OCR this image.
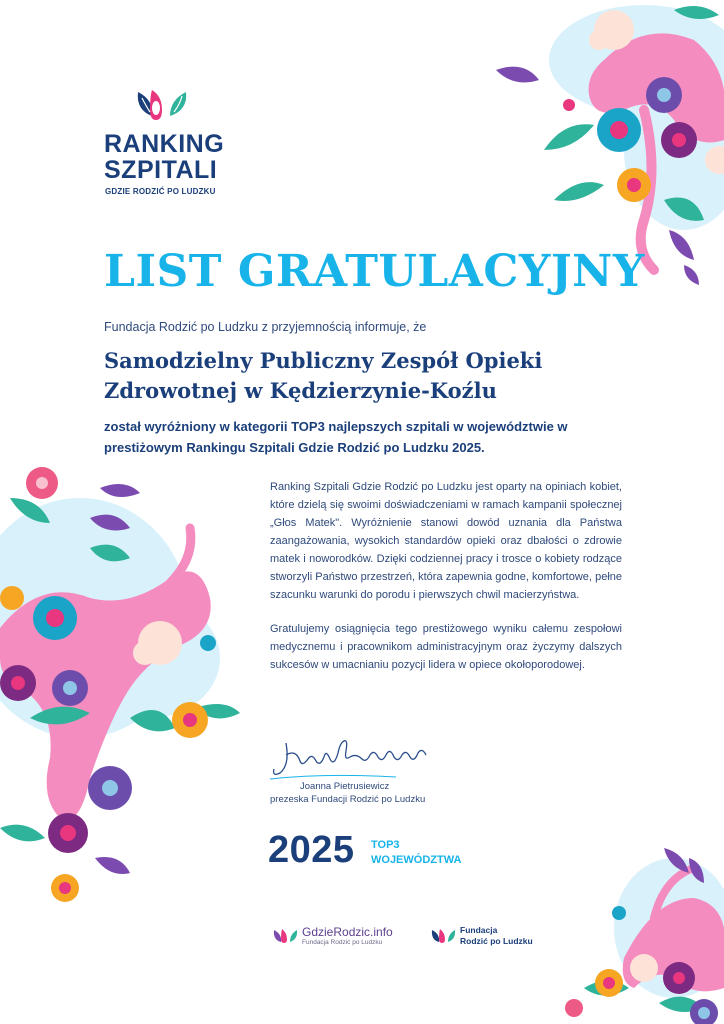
RANKING
SZPITALI
GDZIE RODZIĆ PO LUDZKU
LIST GRATULACYJNY
Fundacja Rodzić po Ludzku z przyjemnością informuje, że
Samodzielny Publiczny Zespół Opieki Zdrowotnej w Kędzierzynie-Koźlu
został wyróżniony w kategorii TOP3 najlepszych szpitali w województwie w prestiżowym Rankingu Szpitali Gdzie Rodzić po Ludzku 2025.

Ranking Szpitali Gdzie Rodzić po Ludzku jest oparty na opiniach kobiet, które dzielą się swoimi doświadczeniami w ramach kampanii społecznej „Głos Matek". Wyróżnienie stanowi dowód uznania dla Państwa zaangażowania, wysokich standardów opieki oraz dbałości o zdrowie matek i noworodków. Dzięki codziennej pracy i trosce o kobiety rodzące stworzyli Państwo przestrzeń, która zapewnia godne, komfortowe, pełne szacunku warunki do porodu i pierwszych chwil macierzyństwa.

Gratulujemy osiągnięcia tego prestiżowego wyniku całemu zespołowi medycznemu i pracownikom administracyjnym oraz życzymy dalszych sukcesów w umacnianiu pozycji lidera w opiece okołoporodowej.

Joanna Pietrusiewicz
prezeska Fundacji Rodzić po Ludzku
2025 TOP3
WOJEWÓDZTWA
GdzieRodzic.info
Fundacja Rodzić po Ludzku
Fundacja
Rodzić po Ludzku
